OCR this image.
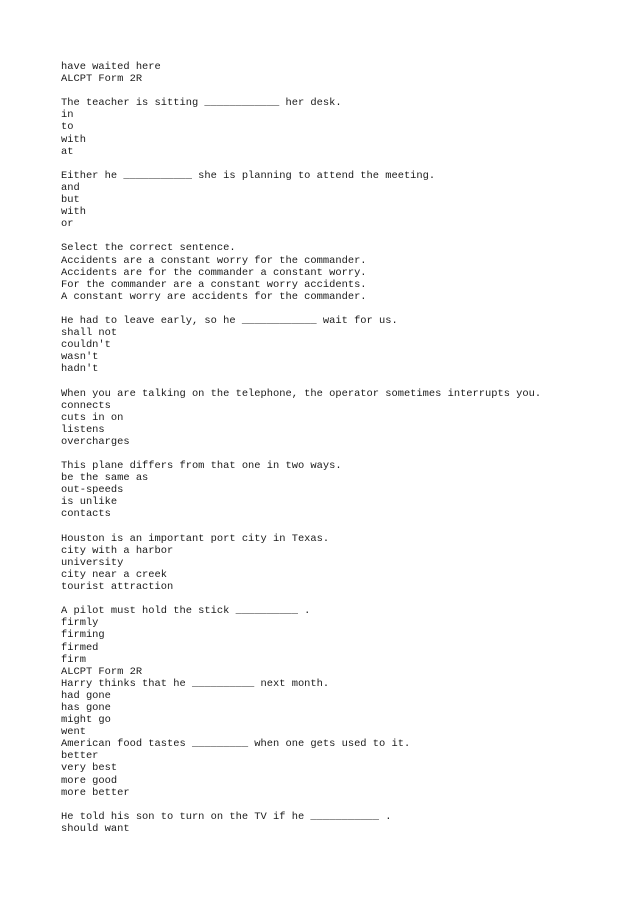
have waited here
ALCPT Form 2R
The teacher is sitting ____________ her desk.
in
to
with
at
Either he ___________ she is planning to attend the meeting.
and
but
with
or
Select the correct sentence.
Accidents are a constant worry for the commander.
Accidents are for the commander a constant worry.
For the commander are a constant worry accidents.
A constant worry are accidents for the commander.
He had to leave early, so he ____________ wait for us.
shall not
couldn't
wasn't
hadn't
When you are talking on the telephone, the operator sometimes interrupts you.
connects
cuts in on
listens
overcharges
This plane differs from that one in two ways.
be the same as
out-speeds
is unlike
contacts
Houston is an important port city in Texas.
city with a harbor
university
city near a creek
tourist attraction
A pilot must hold the stick __________ .
firmly
firming
firmed
firm
ALCPT Form 2R
Harry thinks that he __________ next month.
had gone
has gone
might go
went
American food tastes _________ when one gets used to it.
better
very best
more good
more better
He told his son to turn on the TV if he ___________ .
should want
